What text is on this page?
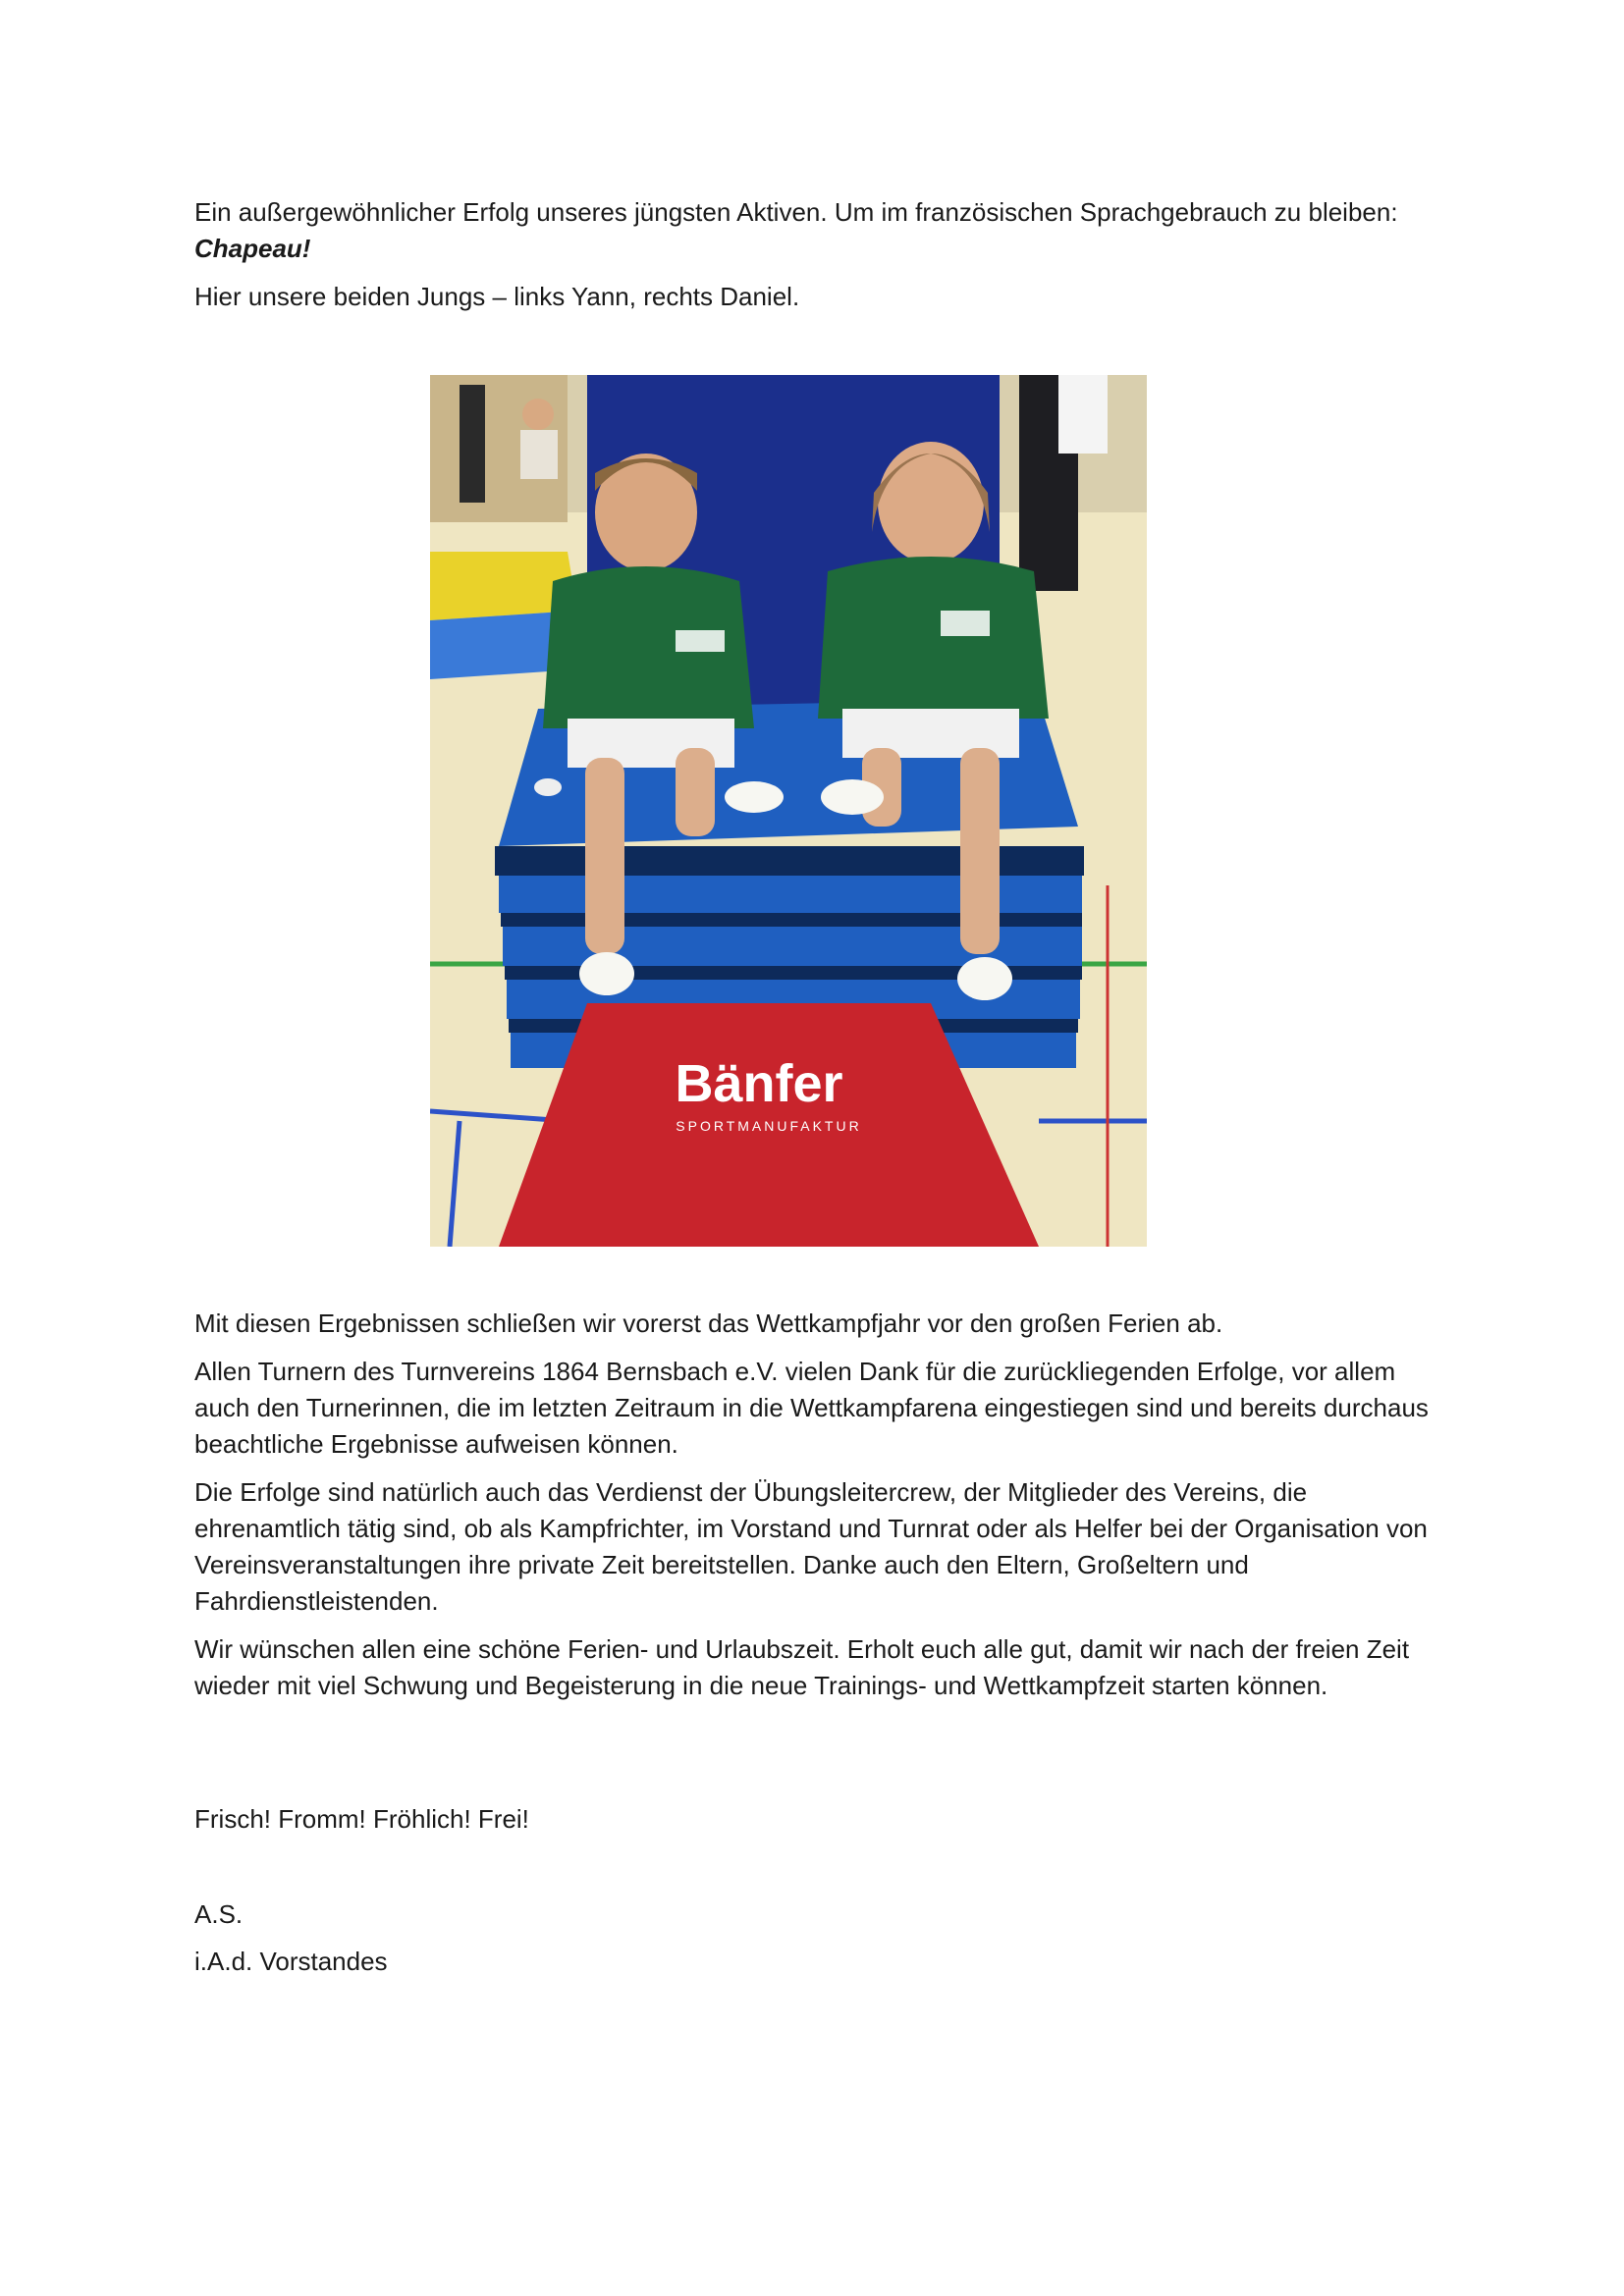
Ein außergewöhnlicher Erfolg unseres jüngsten Aktiven. Um im französischen Sprachgebrauch zu bleiben: Chapeau!

Hier unsere beiden Jungs – links Yann, rechts Daniel.

Bänfer
SPORTMANUFAKTUR

Mit diesen Ergebnissen schließen wir vorerst das Wettkampfjahr vor den großen Ferien ab.

Allen Turnern des Turnvereins 1864 Bernsbach e.V. vielen Dank für die zurückliegenden Erfolge, vor allem auch den Turnerinnen, die im letzten Zeitraum in die Wettkampfarena eingestiegen sind und bereits durchaus beachtliche Ergebnisse aufweisen können.

Die Erfolge sind natürlich auch das Verdienst der Übungsleitercrew, der Mitglieder des Vereins, die ehrenamtlich tätig sind, ob als Kampfrichter, im Vorstand und Turnrat oder als Helfer bei der Organisation von Vereinsveranstaltungen ihre private Zeit bereitstellen. Danke auch den Eltern, Großeltern und Fahrdienstleistenden.

Wir wünschen allen eine schöne Ferien- und Urlaubszeit. Erholt euch alle gut, damit wir nach der freien Zeit wieder mit viel Schwung und Begeisterung in die neue Trainings- und Wettkampfzeit starten können.

Frisch! Fromm! Fröhlich! Frei!

A.S.

i.A.d. Vorstandes
